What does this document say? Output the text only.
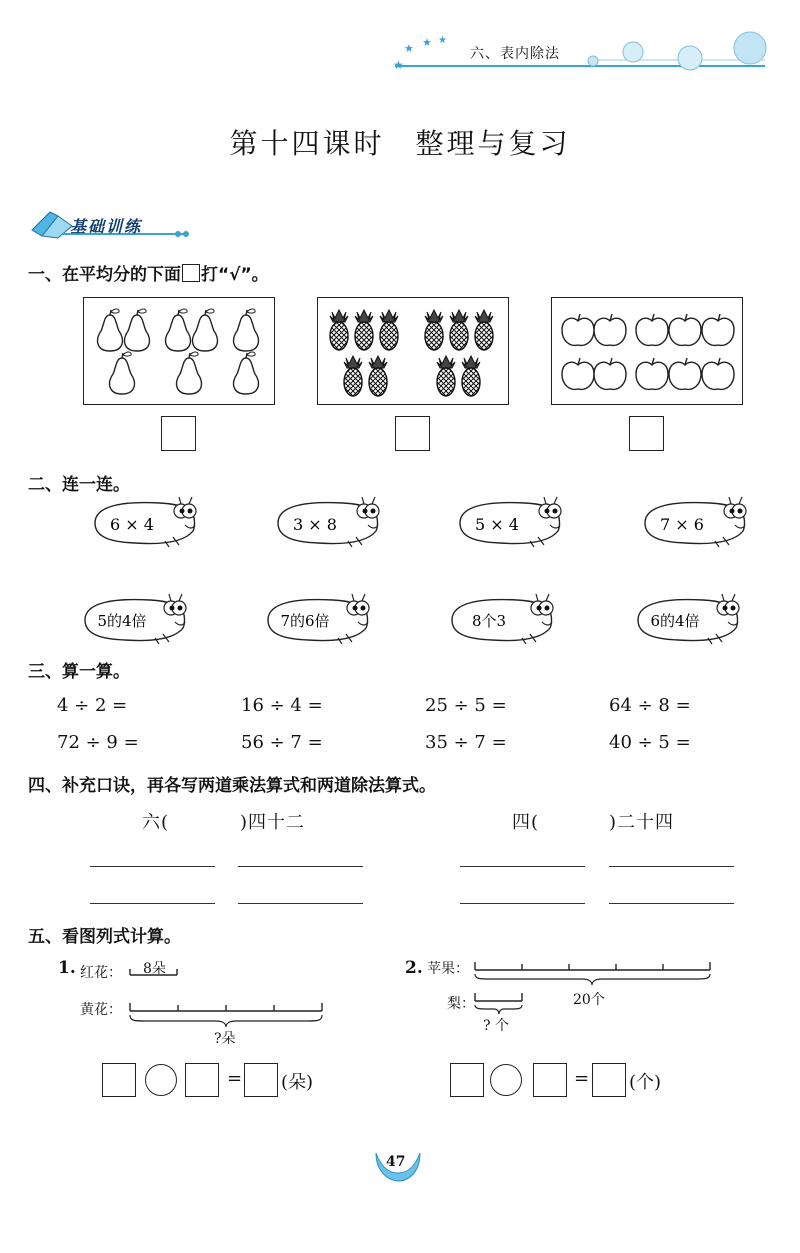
★
★ ★ ★
六、表内除法
第十四课时　整理与复习
基础训练
一、在平均分的下面 打“√”。
二、连一连。
6 × 4	3 × 8	5 × 4	7 × 6
5的4倍	7的6倍	8个3	6的4倍
三、算一算。
4 ÷ 2 =	16 ÷ 4 =	25 ÷ 5 =	64 ÷ 8 =
72 ÷ 9 =	56 ÷ 7 =	35 ÷ 7 =	40 ÷ 5 =
四、补充口诀，再各写两道乘法算式和两道除法算式。
六(	)四十二	四(	)二十四
五、看图列式计算。
1. 红花：
黄花：
8朵
?朵
= (朵)
2. 苹果：
梨：	20个
? 个
= (个)
47
